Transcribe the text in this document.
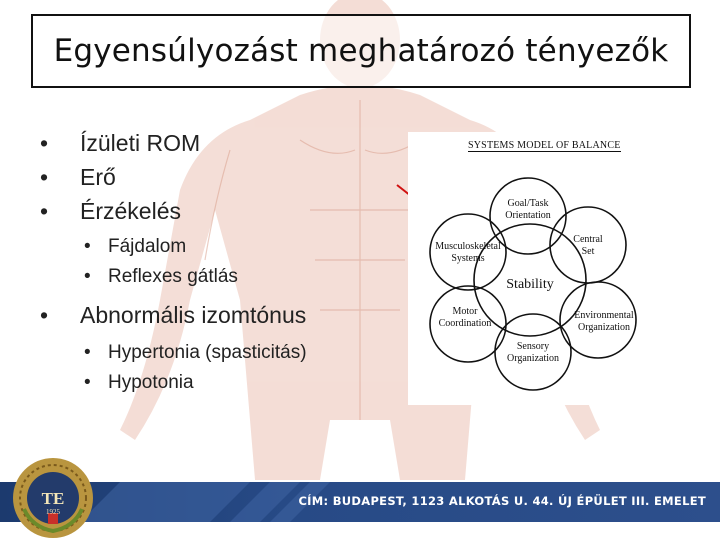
Egyensúlyozást meghatározó tényezők
• Ízületi ROM
• Erő
• Érzékelés
• Fájdalom
• Reflexes gátlás
• Abnormális izomtónus
• Hypertonia (spasticitás)
• Hypotonia
SYSTEMS MODEL OF BALANCE
Stability
Goal/Task
Orientation
Central
Set
Environmental
Organization
Sensory
Organization
Motor
Coordination
Musculoskeletal
Systems
CÍM: BUDAPEST, 1123 ALKOTÁS U. 44. ÚJ ÉPÜLET III. EMELET
TE
1925
